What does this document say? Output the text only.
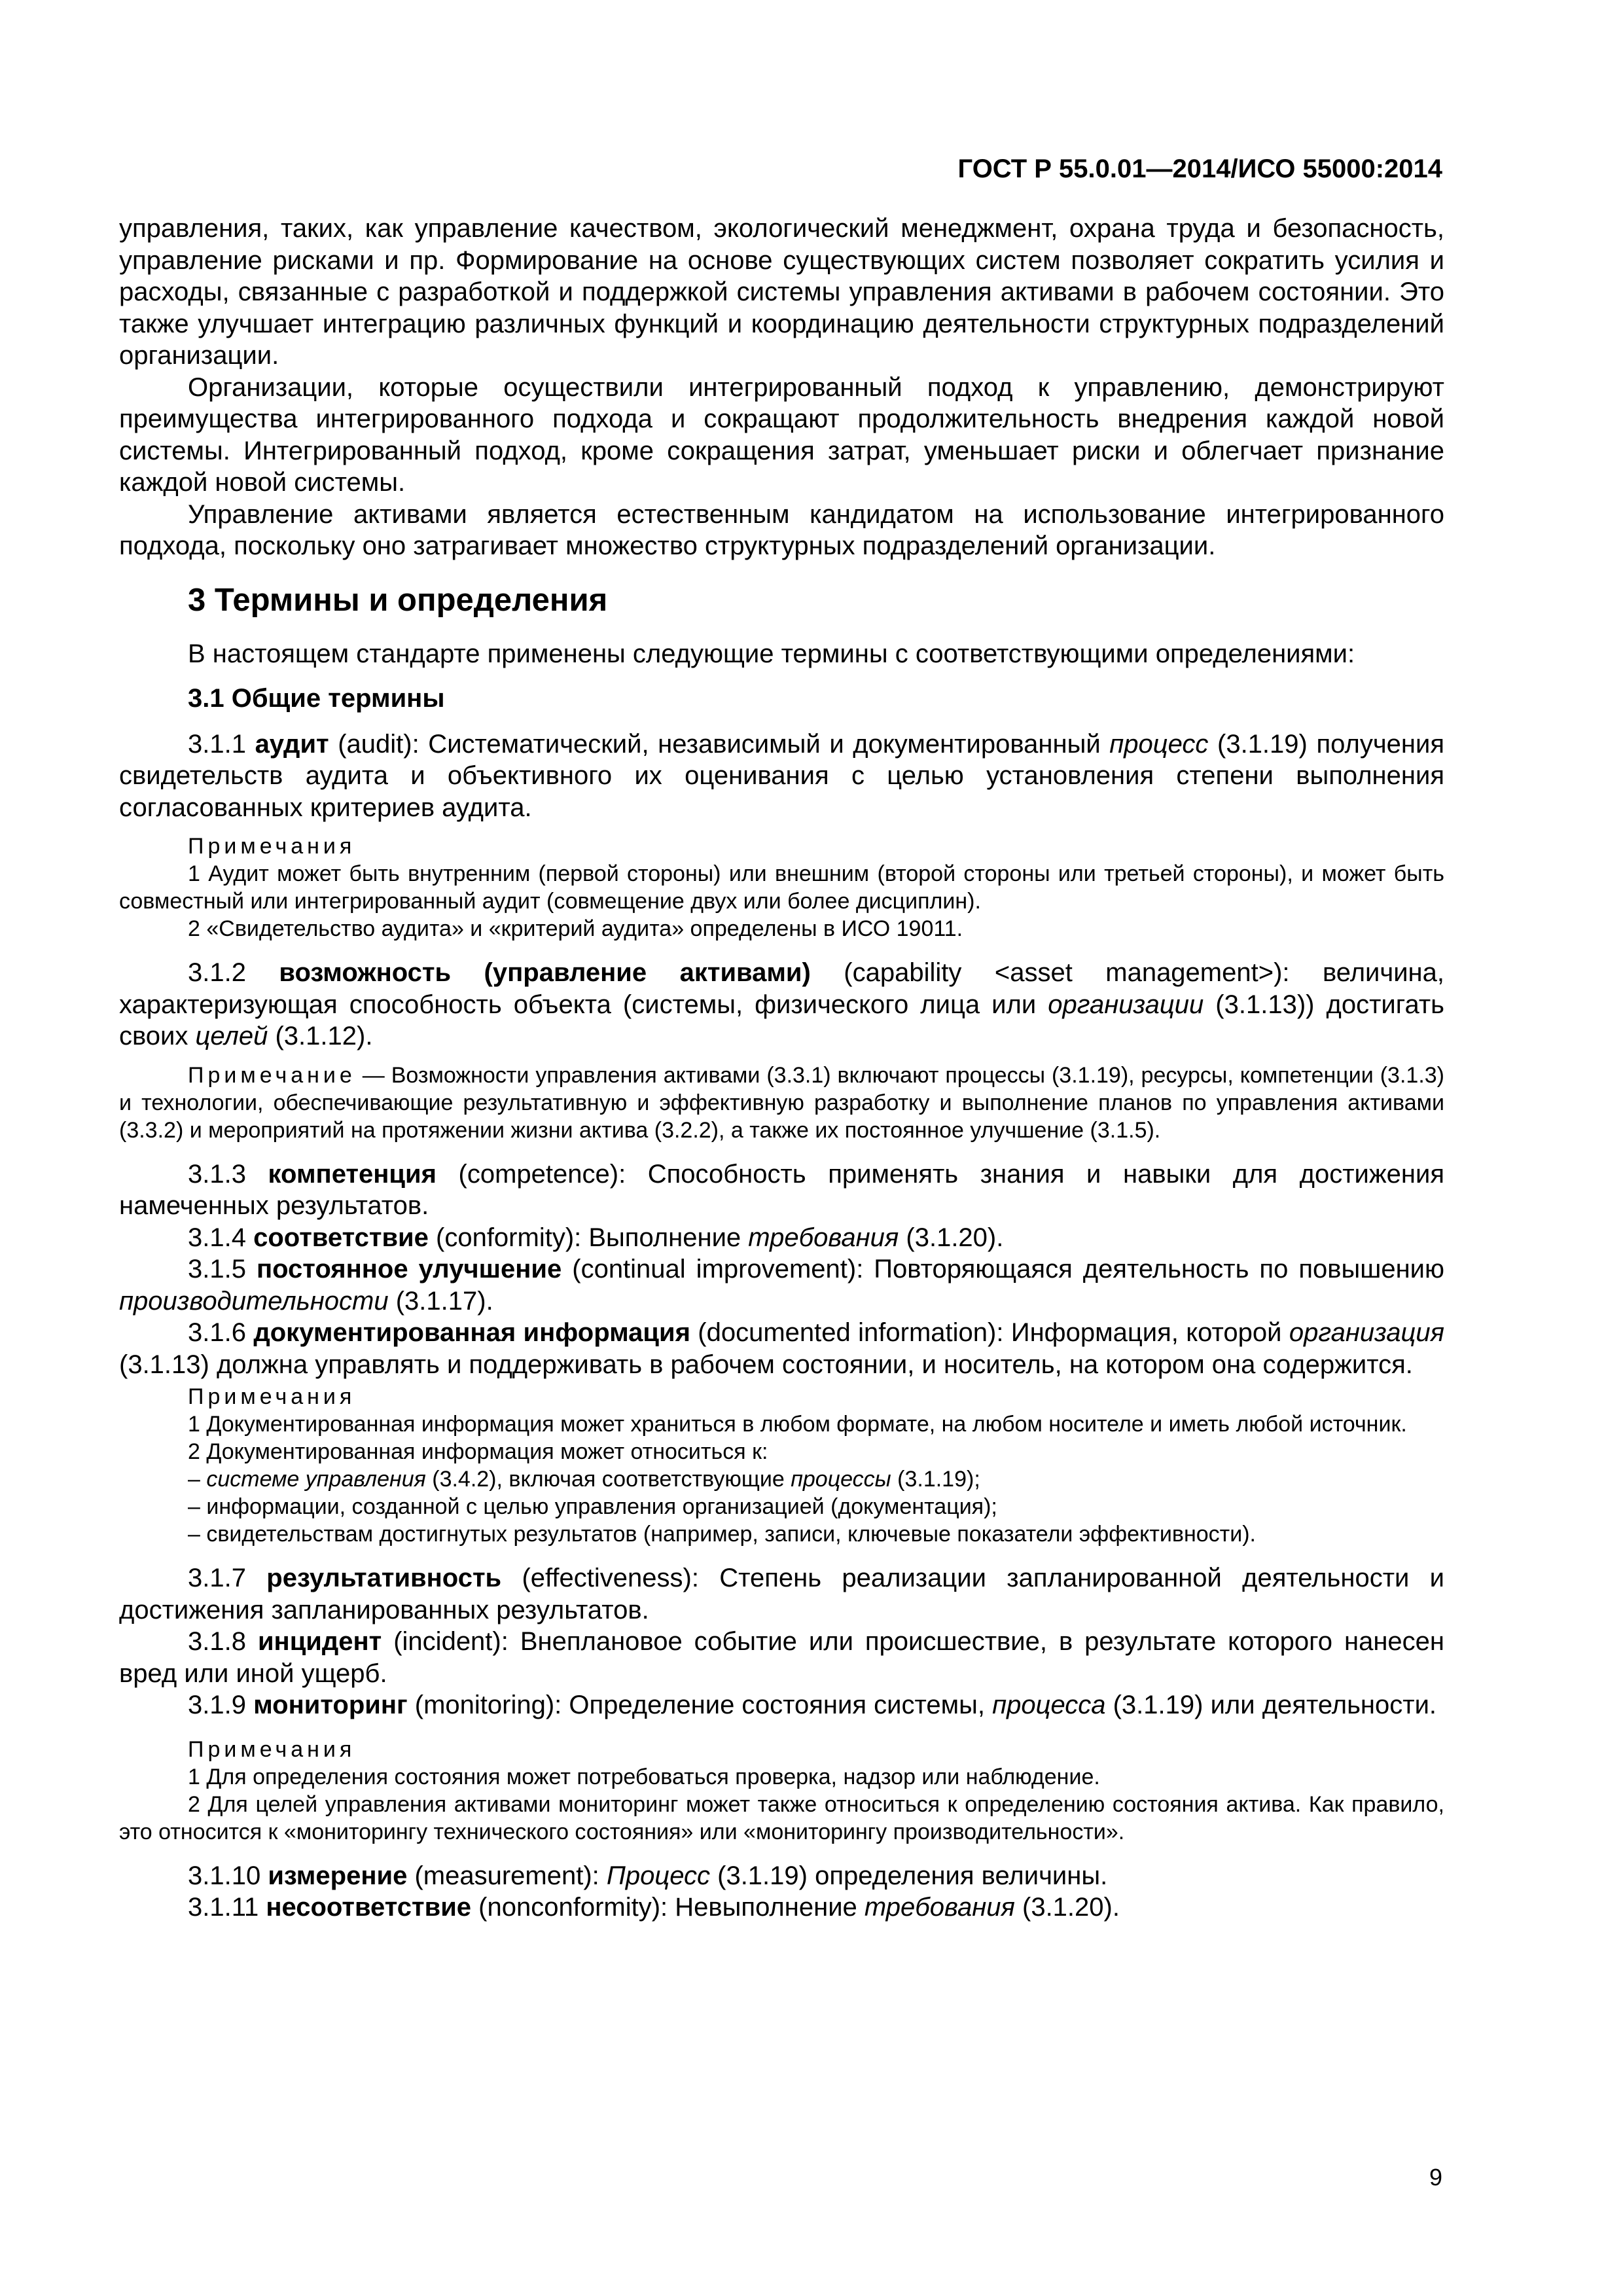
ГОСТ Р 55.0.01—2014/ИСО 55000:2014

управления, таких, как управление качеством, экологический менеджмент, охрана труда и безопасность, управление рисками и пр. Формирование на основе существующих систем позволяет сократить усилия и расходы, связанные с разработкой и поддержкой системы управления активами в рабочем состоянии. Это также улучшает интеграцию различных функций и координацию деятельности структурных подразделений организации.

Организации, которые осуществили интегрированный подход к управлению, демонстрируют преимущества интегрированного подхода и сокращают продолжительность внедрения каждой новой системы. Интегрированный подход, кроме сокращения затрат, уменьшает риски и облегчает признание каждой новой системы.

Управление активами является естественным кандидатом на использование интегрированного подхода, поскольку оно затрагивает множество структурных подразделений организации.

3 Термины и определения
В настоящем стандарте применены следующие термины с соответствующими определениями:
3.1 Общие термины

3.1.1 аудит (audit): Систематический, независимый и документированный процесс (3.1.19) получения свидетельств аудита и объективного их оценивания с целью установления степени выполнения согласованных критериев аудита.

Примечания

1 Аудит может быть внутренним (первой стороны) или внешним (второй стороны или третьей стороны), и может быть совместный или интегрированный аудит (совмещение двух или более дисциплин).

2 «Свидетельство аудита» и «критерий аудита» определены в ИСО 19011.

3.1.2 возможность (управление активами) (capability <asset management>): величина, характеризующая способность объекта (системы, физического лица или организации (3.1.13)) достигать своих целей (3.1.12).

Примечание — Возможности управления активами (3.3.1) включают процессы (3.1.19), ресурсы, компетенции (3.1.3) и технологии, обеспечивающие результативную и эффективную разработку и выполнение планов по управления активами (3.3.2) и мероприятий на протяжении жизни актива (3.2.2), а также их постоянное улучшение (3.1.5).

3.1.3 компетенция (competence): Способность применять знания и навыки для достижения намеченных результатов.

3.1.4 соответствие (conformity): Выполнение требования (3.1.20).

3.1.5 постоянное улучшение (continual improvement): Повторяющаяся деятельность по повышению производительности (3.1.17).

3.1.6 документированная информация (documented information): Информация, которой организация (3.1.13) должна управлять и поддерживать в рабочем состоянии, и носитель, на котором она содержится.

Примечания

1 Документированная информация может храниться в любом формате, на любом носителе и иметь любой источник.

2 Документированная информация может относиться к:

– системе управления (3.4.2), включая соответствующие процессы (3.1.19);
– информации, созданной с целью управления организацией (документация);
– свидетельствам достигнутых результатов (например, записи, ключевые показатели эффективности).

3.1.7 результативность (effectiveness): Степень реализации запланированной деятельности и достижения запланированных результатов.

3.1.8 инцидент (incident): Внеплановое событие или происшествие, в результате которого нанесен вред или иной ущерб.

3.1.9 мониторинг (monitoring): Определение состояния системы, процесса (3.1.19) или деятельности.

Примечания

1 Для определения состояния может потребоваться проверка, надзор или наблюдение.

2 Для целей управления активами мониторинг может также относиться к определению состояния актива. Как правило, это относится к «мониторингу технического состояния» или «мониторингу производительности».

3.1.10 измерение (measurement): Процесс (3.1.19) определения величины.

3.1.11 несоответствие (nonconformity): Невыполнение требования (3.1.20).

9
